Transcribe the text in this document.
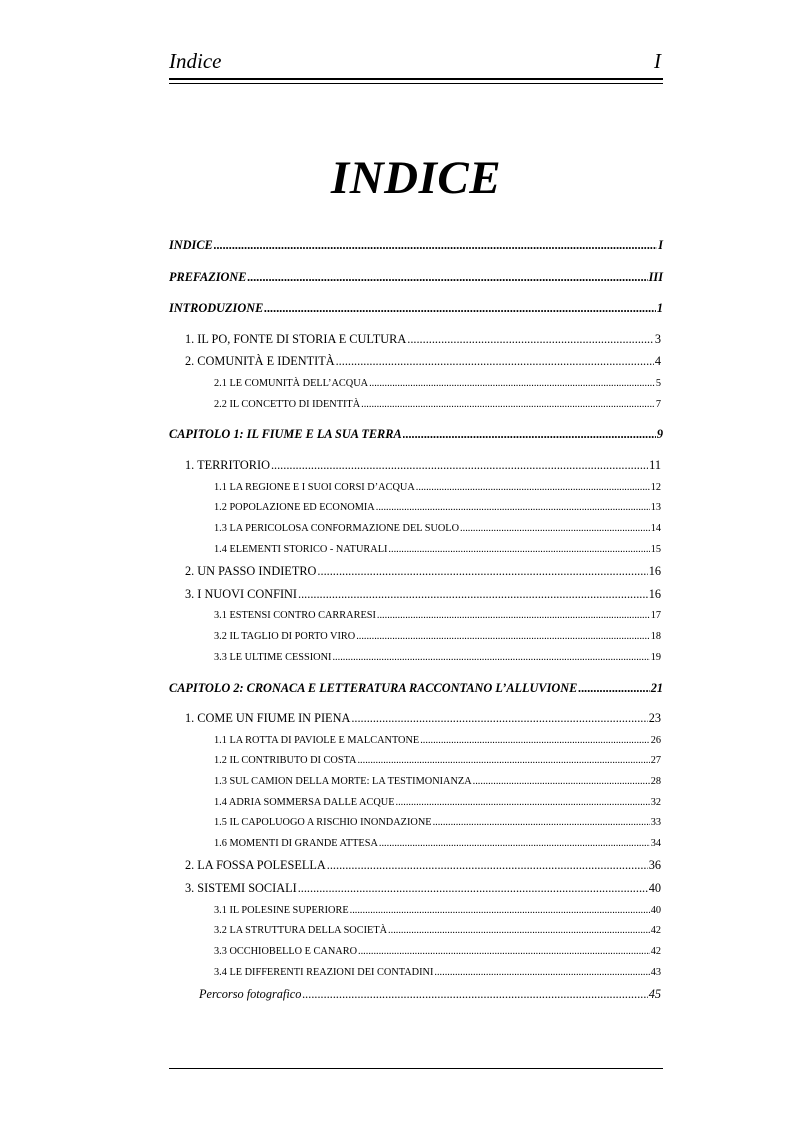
Indice	I
INDICE
INDICE .....	I
PREFAZIONE .....	III
INTRODUZIONE .....	1
1. IL PO, FONTE DI STORIA E CULTURA .....	3
2. COMUNITÀ E IDENTITÀ .....	4
2.1 LE COMUNITÀ DELL’ACQUA .....	5
2.2 IL CONCETTO DI IDENTITÀ .....	7
CAPITOLO 1: IL FIUME E LA SUA TERRA .....	9
1. TERRITORIO .....	11
1.1 LA REGIONE E I SUOI CORSI D’ACQUA .....	12
1.2 POPOLAZIONE ED ECONOMIA .....	13
1.3 LA PERICOLOSA CONFORMAZIONE DEL SUOLO .....	14
1.4 ELEMENTI STORICO - NATURALI .....	15
2. UN PASSO INDIETRO .....	16
3. I NUOVI CONFINI .....	16
3.1 ESTENSI CONTRO CARRARESI .....	17
3.2 IL TAGLIO DI PORTO VIRO .....	18
3.3 LE ULTIME CESSIONI .....	19
CAPITOLO 2: CRONACA E LETTERATURA RACCONTANO L’ALLUVIONE .....	21
1. COME UN FIUME IN PIENA .....	23
1.1 LA ROTTA DI PAVIOLE E MALCANTONE .....	26
1.2 IL CONTRIBUTO DI COSTA .....	27
1.3 SUL CAMION DELLA MORTE: LA TESTIMONIANZA .....	28
1.4 ADRIA SOMMERSA DALLE ACQUE .....	32
1.5 IL CAPOLUOGO A RISCHIO INONDAZIONE .....	33
1.6 MOMENTI DI GRANDE ATTESA .....	34
2. LA FOSSA POLESELLA .....	36
3. SISTEMI SOCIALI .....	40
3.1 IL POLESINE SUPERIORE .....	40
3.2 LA STRUTTURA DELLA SOCIETÀ .....	42
3.3 OCCHIOBELLO E CANARO .....	42
3.4 LE DIFFERENTI REAZIONI DEI CONTADINI .....	43
Percorso fotografico .....	45
